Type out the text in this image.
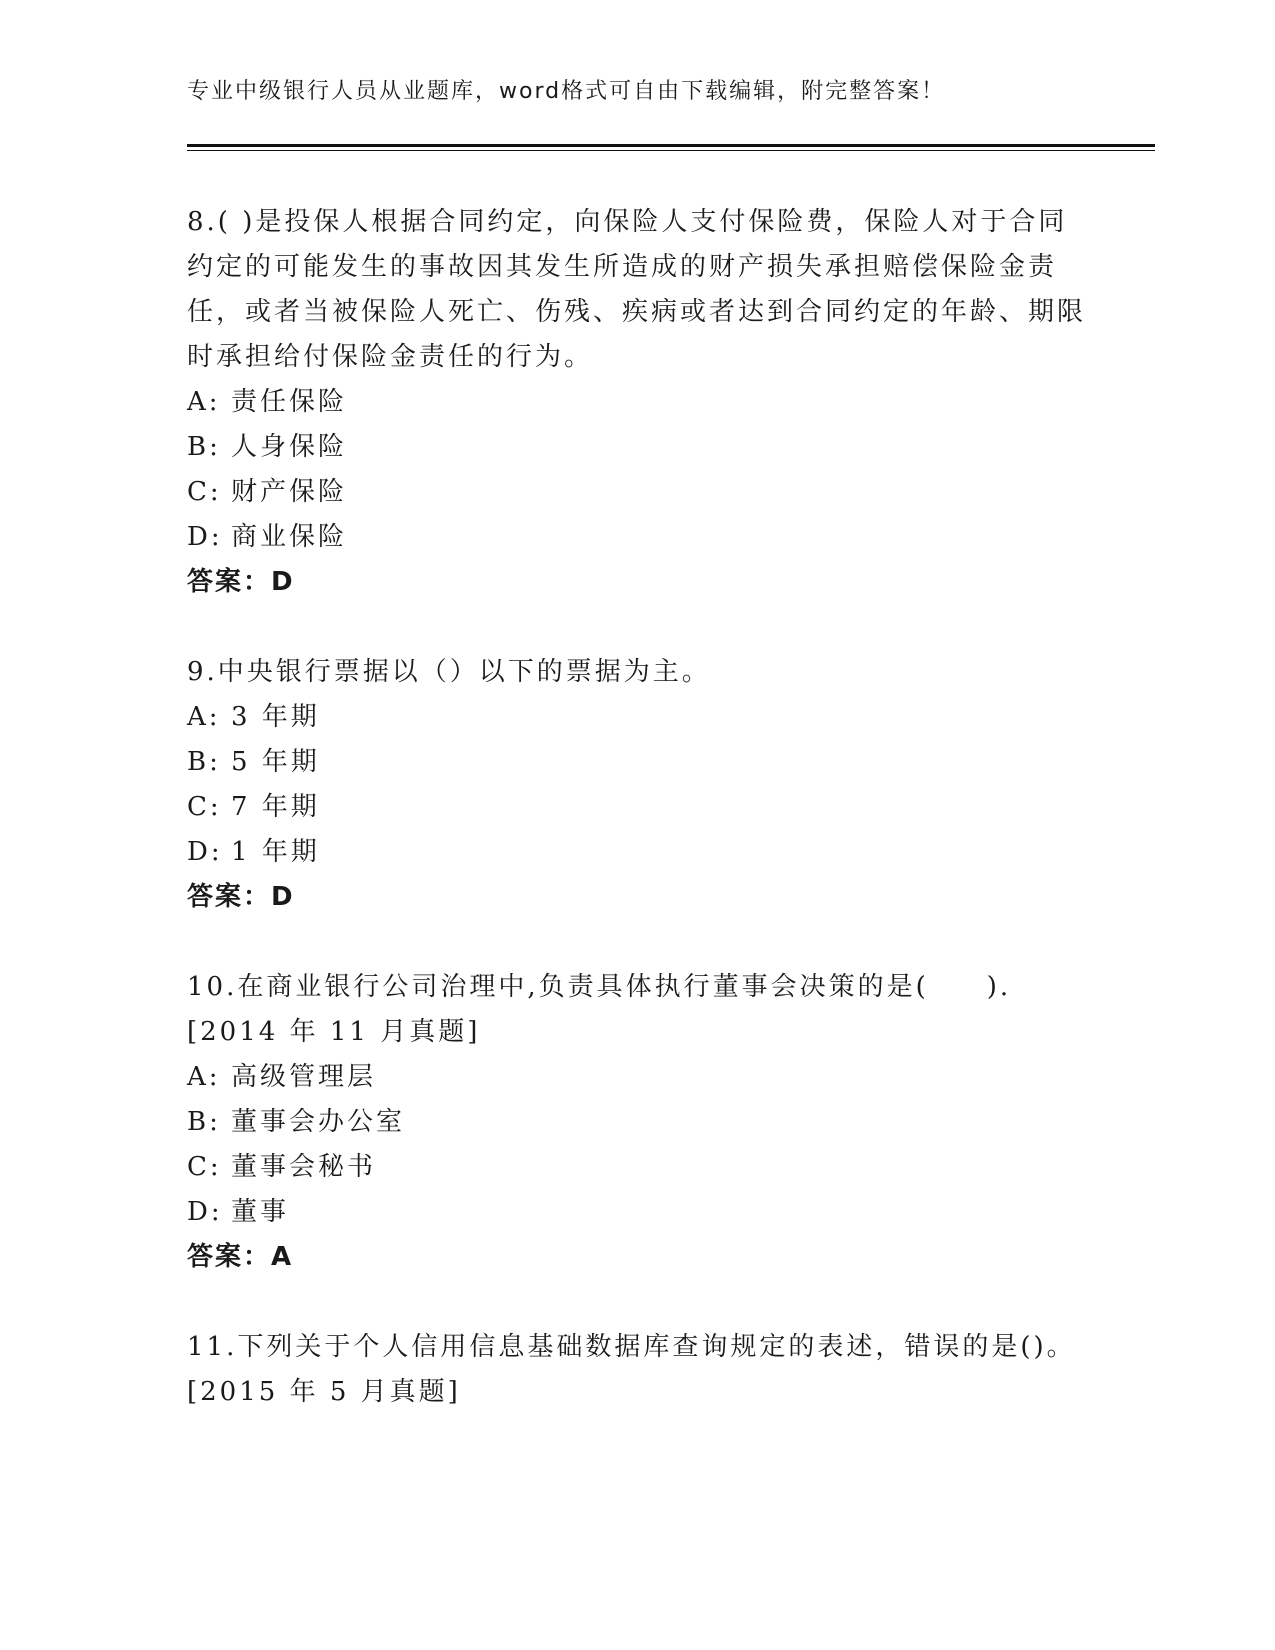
专业中级银行人员从业题库，word格式可自由下载编辑，附完整答案！

8.( )是投保人根据合同约定，向保险人支付保险费，保险人对于合同约定的可能发生的事故因其发生所造成的财产损失承担赔偿保险金责任，或者当被保险人死亡、伤残、疾病或者达到合同约定的年龄、期限时承担给付保险金责任的行为。

A: 责任保险

B: 人身保险

C: 财产保险

D: 商业保险

答案：D

9.中央银行票据以（）以下的票据为主。

A: 3 年期

B: 5 年期

C: 7 年期

D: 1 年期

答案：D

10.在商业银行公司治理中,负责具体执行董事会决策的是(　　).[2014 年 11 月真题]

A: 高级管理层

B: 董事会办公室

C: 董事会秘书

D: 董事

答案：A

11.下列关于个人信用信息基础数据库查询规定的表述，错误的是()。[2015 年 5 月真题]
